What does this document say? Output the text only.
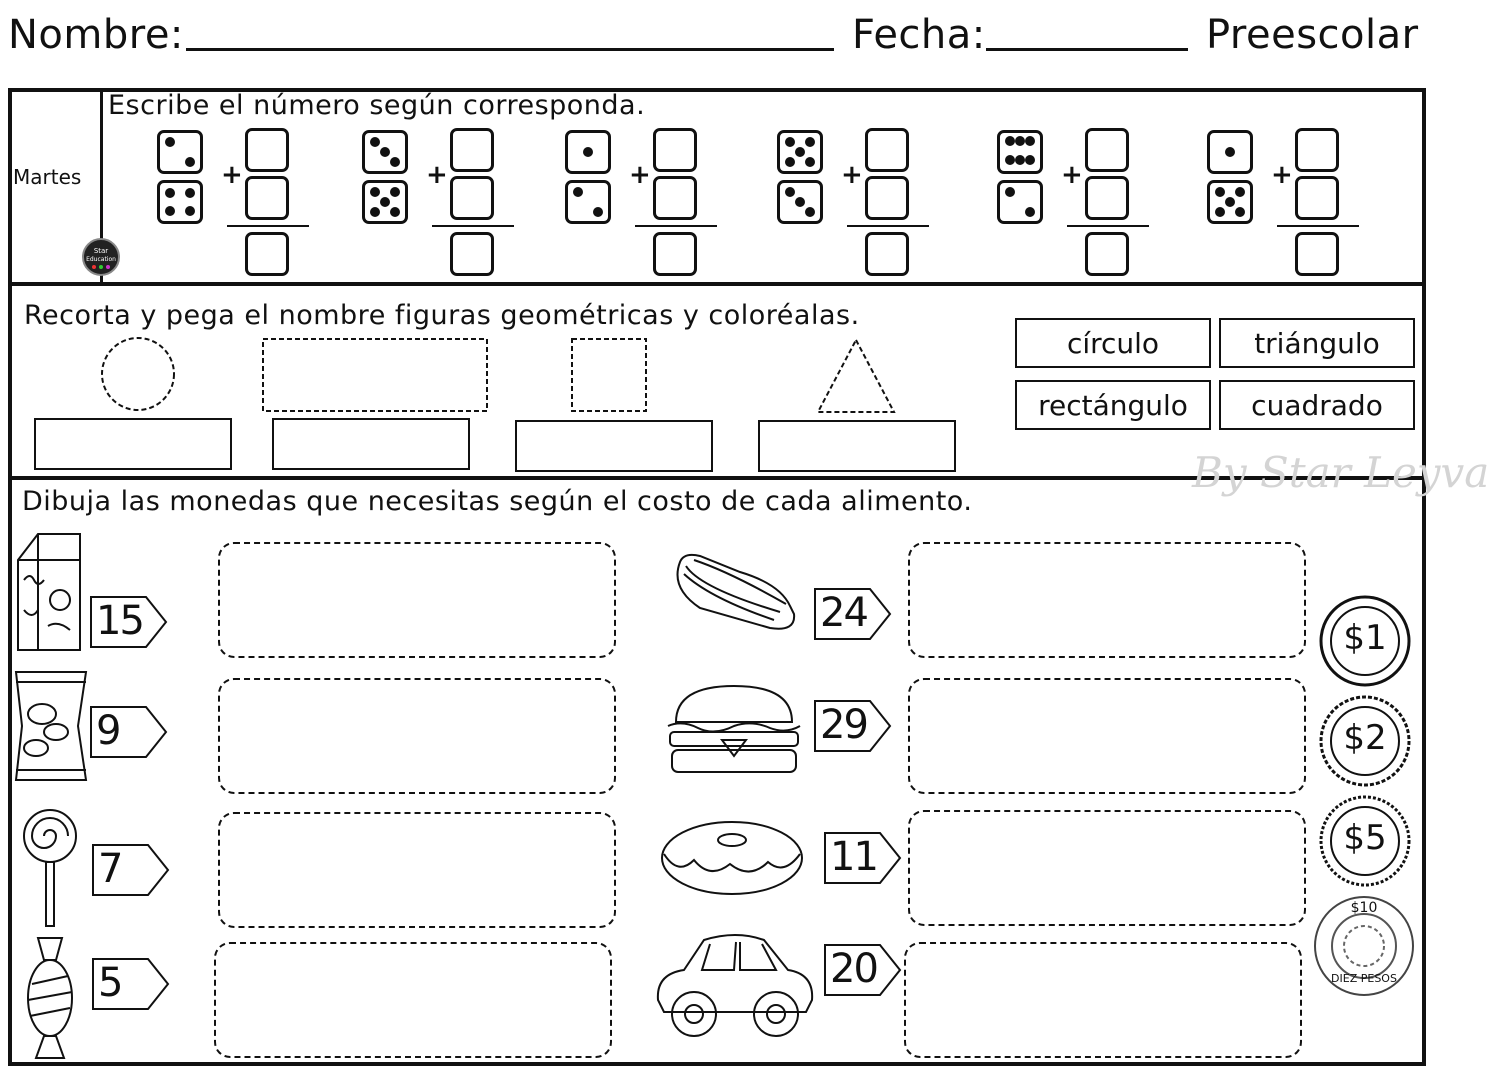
Nombre:	Fecha:	Preescolar
Martes
Star
Education
Escribe el número según corresponda.
+	+	+	+	+	+
Recorta y pega el nombre figuras geométricas y coloréalas.
círculo	triángulo
rectángulo	cuadrado
By Star Leyva
Dibuja las monedas que necesitas según el costo de cada alimento.
15
9
7
5
24
29
11
20
$1
$2
$5
$10
DIEZ PESOS
